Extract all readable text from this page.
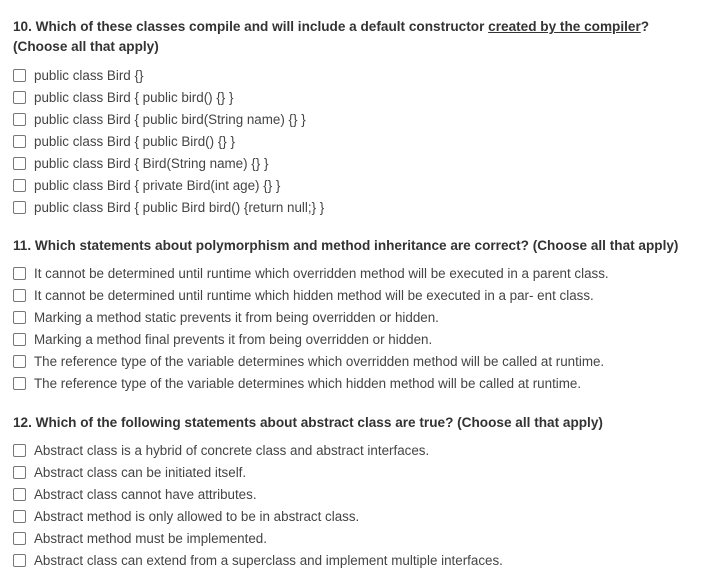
10. Which of these classes compile and will include a default constructor created by the compiler? (Choose all that apply)

public class Bird {}
public class Bird { public bird() {} }
public class Bird { public bird(String name) {} }
public class Bird { public Bird() {} }
public class Bird { Bird(String name) {} }
public class Bird { private Bird(int age) {} }
public class Bird { public Bird bird() {return null;} }

11. Which statements about polymorphism and method inheritance are correct? (Choose all that apply)

It cannot be determined until runtime which overridden method will be executed in a parent class.
It cannot be determined until runtime which hidden method will be executed in a par- ent class.
Marking a method static prevents it from being overridden or hidden.
Marking a method final prevents it from being overridden or hidden.
The reference type of the variable determines which overridden method will be called at runtime.
The reference type of the variable determines which hidden method will be called at runtime.

12. Which of the following statements about abstract class are true? (Choose all that apply)

Abstract class is a hybrid of concrete class and abstract interfaces.
Abstract class can be initiated itself.
Abstract class cannot have attributes.
Abstract method is only allowed to be in abstract class.
Abstract method must be implemented.
Abstract class can extend from a superclass and implement multiple interfaces.
